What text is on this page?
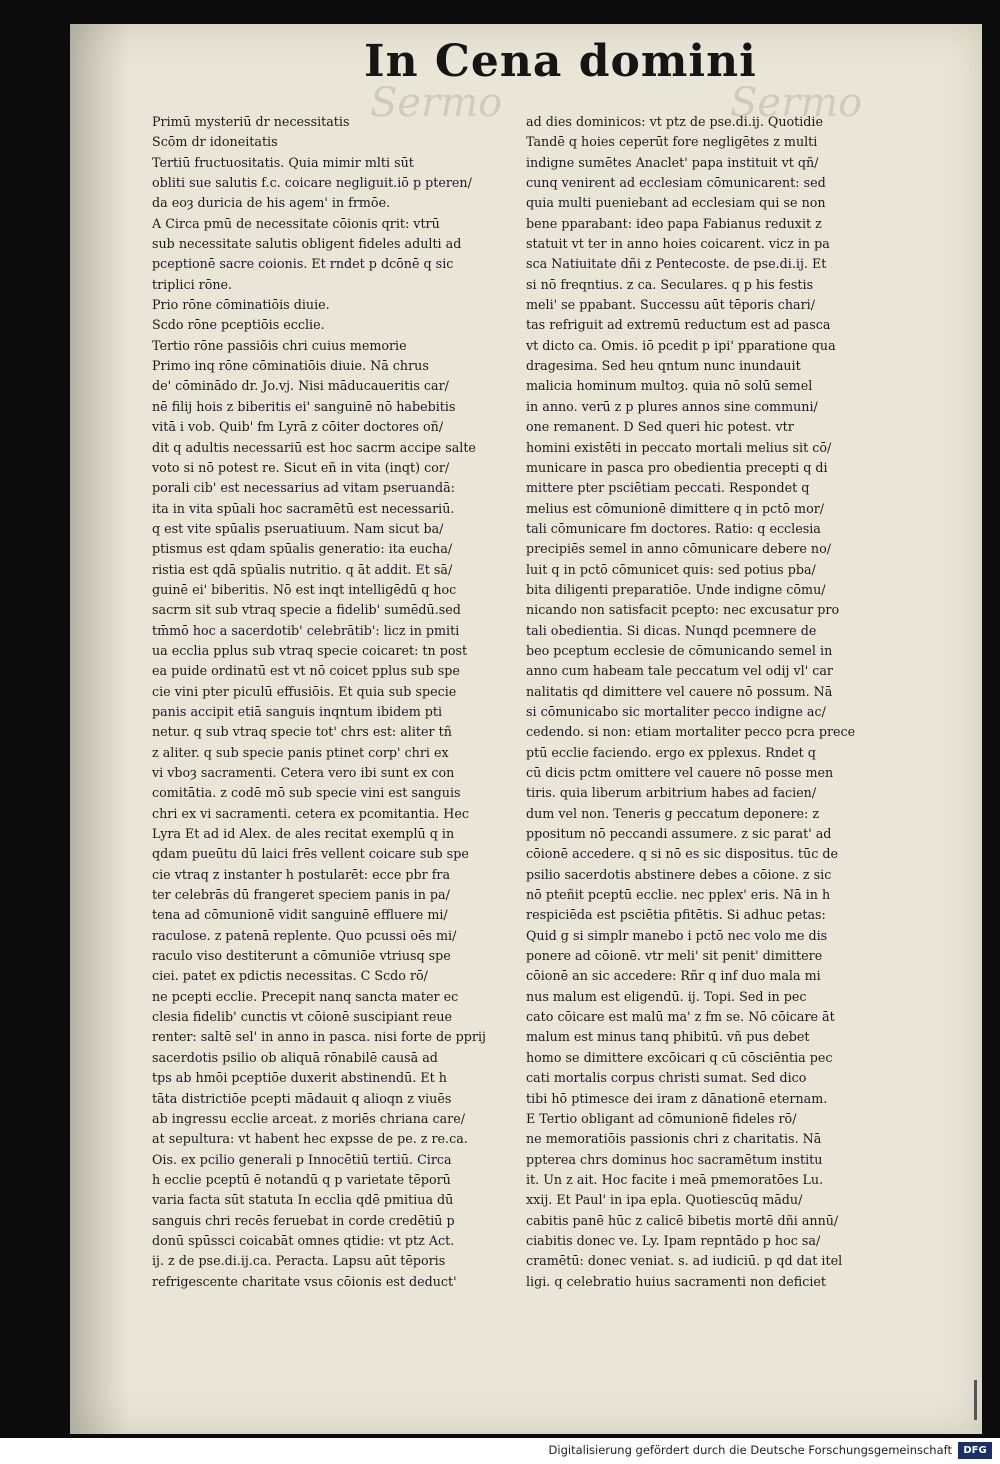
Sermo	Sermo
In Cena domini
Primū mysteriū dr necessitatis
Scōm dr idoneitatis
Tertiū fructuositatis. Quia mimir mlti sūt
obliti sue salutis f.c. coicare negliguit.iō p pteren/
da eoȝ duricia de his agem' in frmōe.
A Circa pmū de necessitate cōionis qrit: vtrū
sub necessitate salutis obligent fideles adulti ad
pceptionē sacre coionis. Et rndet p dcōnē q sic
triplici rōne.
Prio rōne cōminatiōis diuie.
Scdo rōne pceptiōis ecclie.
Tertio rōne passiōis chri cuius memorie
Primo inq rōne cōminatiōis diuie. Nā chrus
de' cōminādo dr. Jo.vj. Nisi māducaueritis car/
nē filij hois z biberitis ei' sanguinē nō habebitis
vitā i vob. Quib' fm Lyrā z cōiter doctores oñ/
dit q adultis necessariū est hoc sacrm accipe salte
voto si nō potest re. Sicut eñ in vita (inqt) cor/
porali cib' est necessarius ad vitam pseruandā:
ita in vita spūali hoc sacramētū est necessariū.
q est vite spūalis pseruatiuum. Nam sicut ba/
ptismus est qdam spūalis generatio: ita eucha/
ristia est qdā spūalis nutritio. q āt addit. Et sā/
guinē ei' biberitis. Nō est inqt intelligēdū q hoc
sacrm sit sub vtraq specie a fidelib' sumēdū.sed
tm̄mō hoc a sacerdotib' celebrātib': licz in pmiti
ua ecclia pplus sub vtraq specie coicaret: tn post
ea puide ordinatū est vt nō coicet pplus sub spe
cie vini pter piculū effusiōis. Et quia sub specie
panis accipit etiā sanguis inqntum ibidem pti
netur. q sub vtraq specie tot' chrs est: aliter tñ
z aliter. q sub specie panis ptinet corp' chri ex
vi vboȝ sacramenti. Cetera vero ibi sunt ex con
comitātia. z codē mō sub specie vini est sanguis
chri ex vi sacramenti. cetera ex pcomitantia. Hec
Lyra Et ad id Alex. de ales recitat exemplū q in
qdam pueūtu dū laici frēs vellent coicare sub spe
cie vtraq z instanter h postularēt: ecce pbr fra
ter celebrās dū frangeret speciem panis in pa/
tena ad cōmunionē vidit sanguinē effluere mi/
raculose. z patenā replente. Quo pcussi oēs mi/
raculo viso destiterunt a cōmuniōe vtriusq spe
ciei. patet ex pdictis necessitas. C Scdo rō/
ne pcepti ecclie. Precepit nanq sancta mater ec
clesia fidelib' cunctis vt cōionē suscipiant reue
renter: saltē sel' in anno in pasca. nisi forte de pprij
sacerdotis psilio ob aliquā rōnabilē causā ad
tps ab hmōi pceptiōe duxerit abstinendū. Et h
tāta districtiōe pcepti mādauit q alioqn z viuēs
ab ingressu ecclie arceat. z moriēs chriana care/
at sepultura: vt habent hec expsse de pe. z re.ca.
Ois. ex pcilio generali p Innocētiū tertiū. Circa
h ecclie pceptū ē notandū q p varietate tēporū
varia facta sūt statuta In ecclia qdē pmitiua dū
sanguis chri recēs feruebat in corde credētiū p
donū spūssci coicabāt omnes qtidie: vt ptz Act.
ij. z de pse.di.ij.ca. Peracta. Lapsu aūt tēporis
refrigescente charitate vsus cōionis est deduct'
ad dies dominicos: vt ptz de pse.di.ij. Quotidie
Tandē q hoies ceperūt fore negligētes z multi
indigne sumētes Anaclet' papa instituit vt qñ/
cunq venirent ad ecclesiam cōmunicarent: sed
quia multi pueniebant ad ecclesiam qui se non
bene pparabant: ideo papa Fabianus reduxit z
statuit vt ter in anno hoies coicarent. vicz in pa
sca Natiuitate dñi z Pentecoste. de pse.di.ij. Et
si nō freqntius. z ca. Seculares. q p his festis
meli' se ppabant. Successu aūt tēporis chari/
tas refriguit ad extremū reductum est ad pasca
vt dicto ca. Omis. iō pcedit p ipi' pparatione qua
dragesima. Sed heu qntum nunc inundauit
malicia hominum multoȝ. quia nō solū semel
in anno. verū z p plures annos sine communi/
one remanent. D Sed queri hic potest. vtr
homini existēti in peccato mortali melius sit cō/
municare in pasca pro obedientia precepti q di
mittere pter psciētiam peccati. Respondet q
melius est cōmunionē dimittere q in pctō mor/
tali cōmunicare fm doctores. Ratio: q ecclesia
precipiēs semel in anno cōmunicare debere no/
luit q in pctō cōmunicet quis: sed potius pba/
bita diligenti preparatiōe. Unde indigne cōmu/
nicando non satisfacit pcepto: nec excusatur pro
tali obedientia. Si dicas. Nunqd pcemnere de
beo pceptum ecclesie de cōmunicando semel in
anno cum habeam tale peccatum vel odij vl' car
nalitatis qd dimittere vel cauere nō possum. Nā
si cōmunicabo sic mortaliter pecco indigne ac/
cedendo. si non: etiam mortaliter pecco pcra prece
ptū ecclie faciendo. ergo ex pplexus. Rndet q
cū dicis pctm omittere vel cauere nō posse men
tiris. quia liberum arbitrium habes ad facien/
dum vel non. Teneris g peccatum deponere: z
ppositum nō peccandi assumere. z sic parat' ad
cōionē accedere. q si nō es sic dispositus. tūc de
psilio sacerdotis abstinere debes a cōione. z sic
nō pteñit pceptū ecclie. nec pplex' eris. Nā in h
respiciēda est psciētia pfitētis. Si adhuc petas:
Quid g si simplr manebo i pctō nec volo me dis
ponere ad cōionē. vtr meli' sit penit' dimittere
cōionē an sic accedere: Rñr q inf duo mala mi
nus malum est eligendū. ij. Topi. Sed in pec
cato cōicare est malū ma' z fm se. Nō cōicare āt
malum est minus tanq phibitū. vñ pus debet
homo se dimittere excōicari q cū cōsciēntia pec
cati mortalis corpus christi sumat. Sed dico
tibi hō ptimesce dei iram z dānationē eternam.
E Tertio obligant ad cōmunionē fideles rō/
ne memoratiōis passionis chri z charitatis. Nā
ppterea chrs dominus hoc sacramētum institu
it. Un z ait. Hoc facite i meā pmemoratōes Lu.
xxij. Et Paul' in ipa epla. Quotiescūq mādu/
cabitis panē hūc z calicē bibetis mortē dñi annū/
ciabitis donec ve. Ly. Ipam repntādo p hoc sa/
cramētū: donec veniat. s. ad iudiciū. p qd dat itel
ligi. q celebratio huius sacramenti non deficiet
Digitalisierung gefördert durch die Deutsche Forschungsgemeinschaft	DFG
